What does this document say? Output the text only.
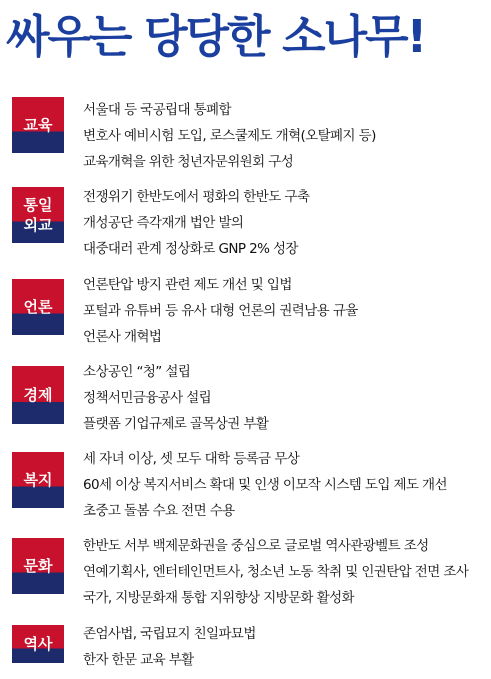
싸우는 당당한 소나무!
교육
서울대 등 국공립대 통폐합
변호사 예비시험 도입, 로스쿨제도 개혁(오탈폐지 등)
교육개혁을 위한 청년자문위원회 구성
통일
외교
전쟁위기 한반도에서 평화의 한반도 구축
개성공단 즉각재개 법안 발의
대중대러 관계 정상화로 GNP 2% 성장
언론
언론탄압 방지 관련 제도 개선 및 입법
포털과 유튜버 등 유사 대형 언론의 권력남용 규율
언론사 개혁법
경제
소상공인 “청” 설립
정책서민금융공사 설립
플랫폼 기업규제로 골목상권 부활
복지
세 자녀 이상, 셋 모두 대학 등록금 무상
60세 이상 복지서비스 확대 및 인생 이모작 시스템 도입 제도 개선
초중고 돌봄 수요 전면 수용
문화
한반도 서부 백제문화권을 중심으로 글로벌 역사관광벨트 조성
연예기획사, 엔터테인먼트사, 청소년 노동 착취 및 인권탄압 전면 조사
국가, 지방문화재 통합 지위향상 지방문화 활성화
역사
존엄사법, 국립묘지 친일파묘법
한자 한문 교육 부활
